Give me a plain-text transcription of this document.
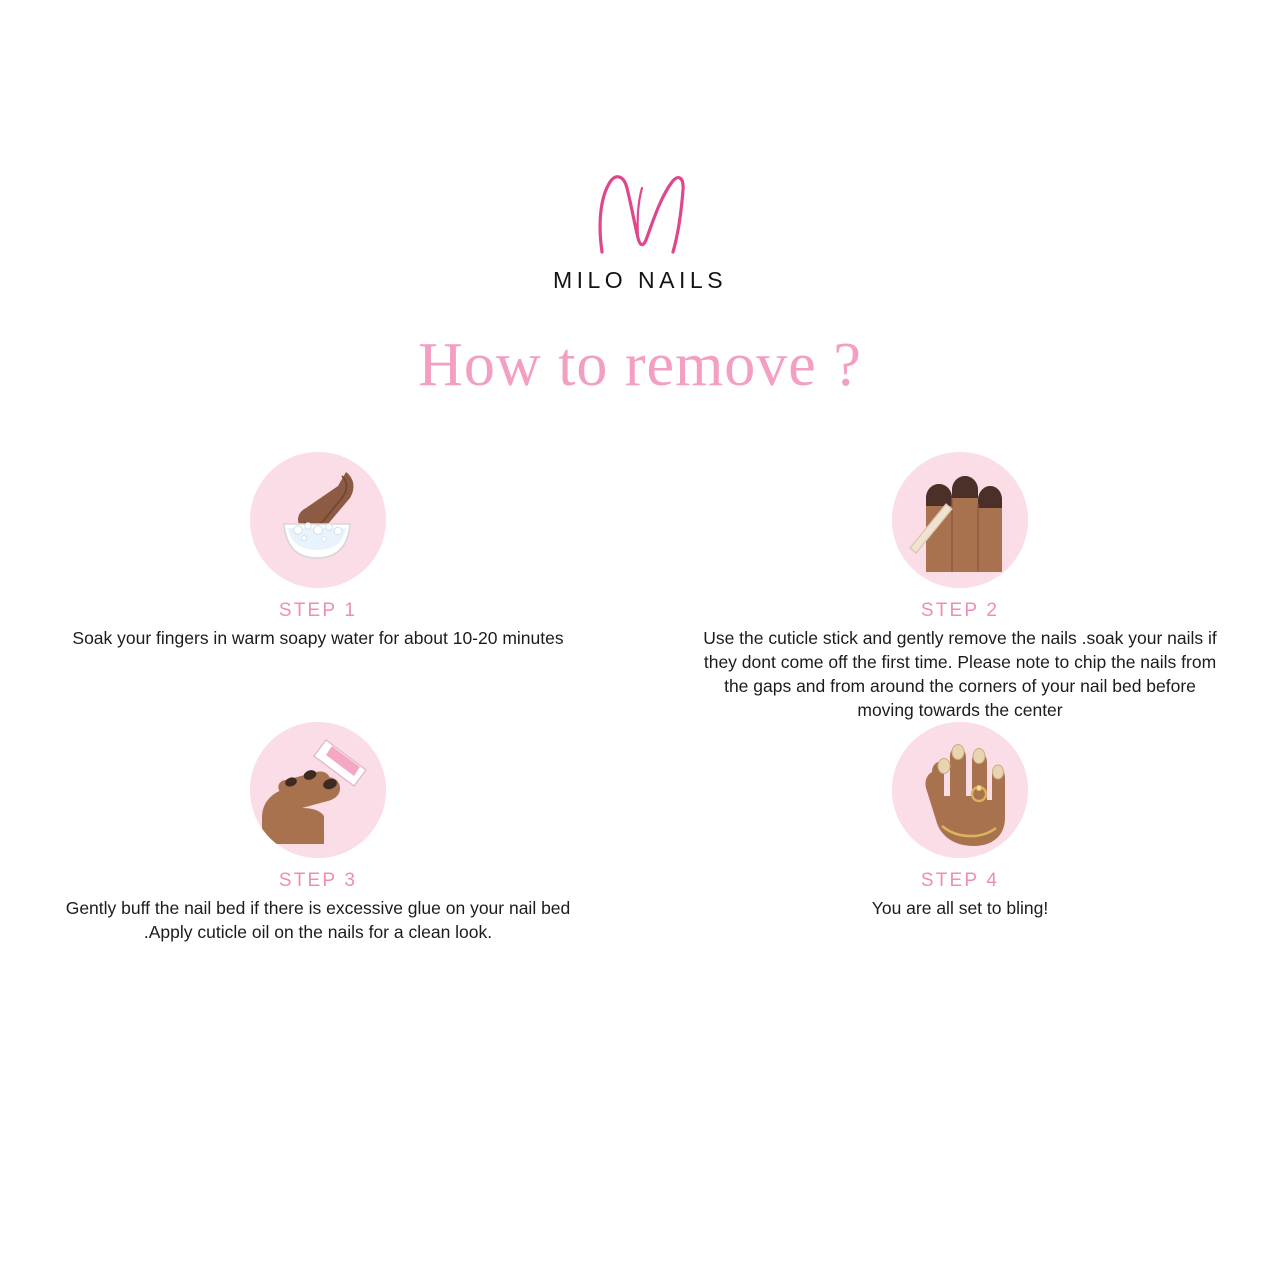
MILO NAILS
How to remove ?
STEP 1
Soak your fingers in warm soapy water for about 10-20 minutes
STEP 2
Use the cuticle stick and gently remove the nails .soak your nails if they dont come off the first time. Please note to chip the nails from the gaps and from around the corners of your nail bed before moving towards the center
STEP 3
Gently buff the nail bed if there is excessive glue on your nail bed .Apply cuticle oil on the nails for a clean look.
STEP 4
You are all set to bling!
